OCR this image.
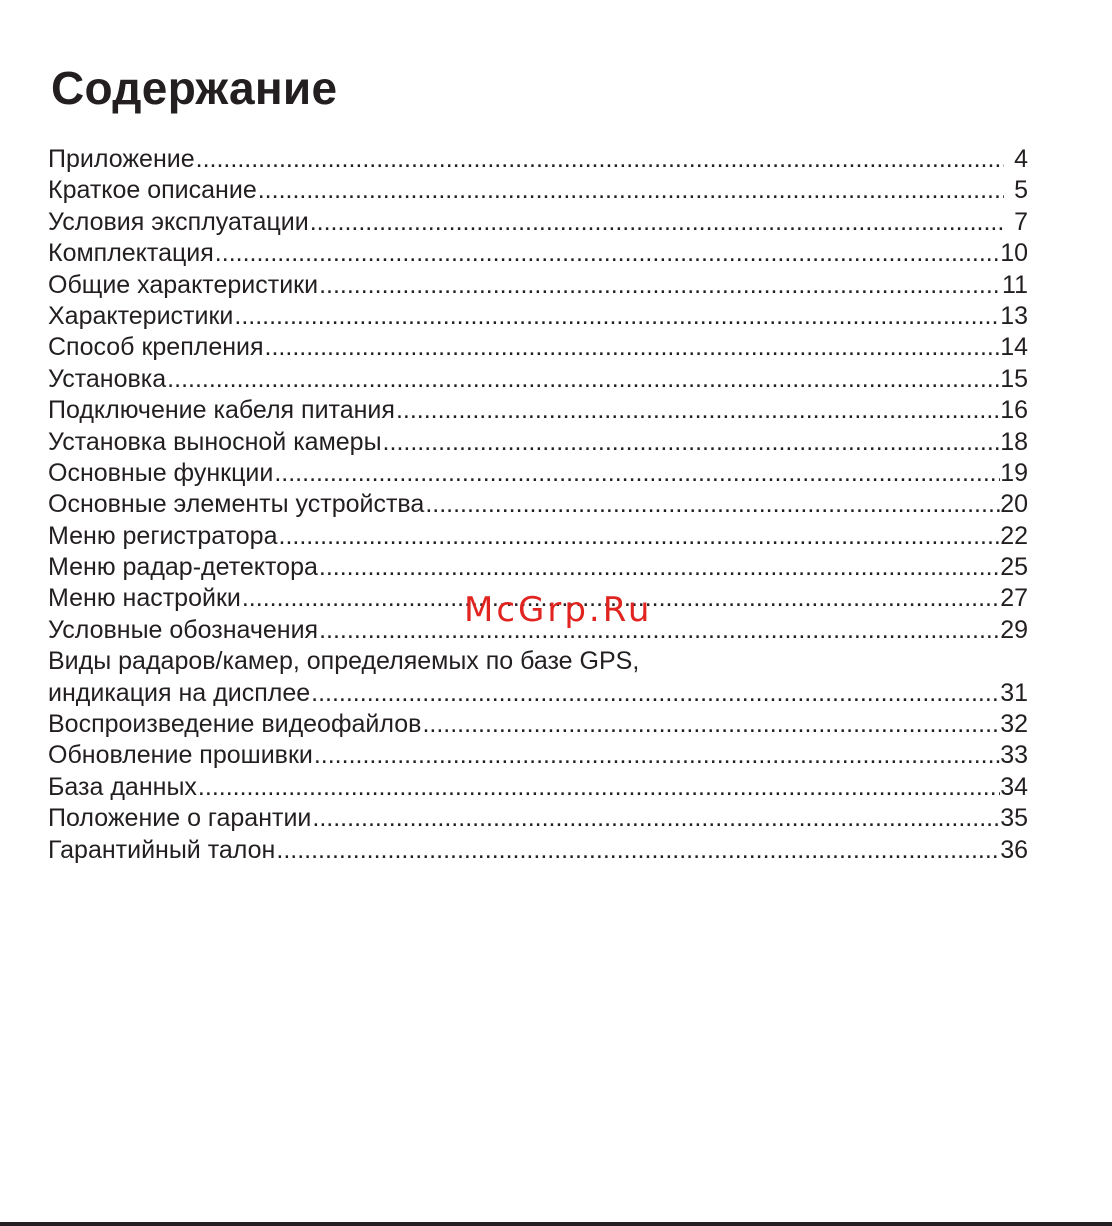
Содержание
Приложение .....	4
Краткое описание .....	5
Условия эксплуатации .....	7
Комплектация .....	10
Общие характеристики .....	11
Характеристики .....	13
Способ крепления .....	14
Установка .....	15
Подключение кабеля питания .....	16
Установка выносной камеры .....	18
Основные функции .....	19
Основные элементы устройства .....	20
Меню регистратора .....	22
Меню радар-детектора .....	25
Меню настройки .....	27
Условные обозначения .....	29
Виды радаров/камер, определяемых по базе GPS,
индикация на дисплее .....	31
Воспроизведение видеофайлов .....	32
Обновление прошивки .....	33
База данных .....	34
Положение о гарантии .....	35
Гарантийный талон .....	36
McGrp.Ru
